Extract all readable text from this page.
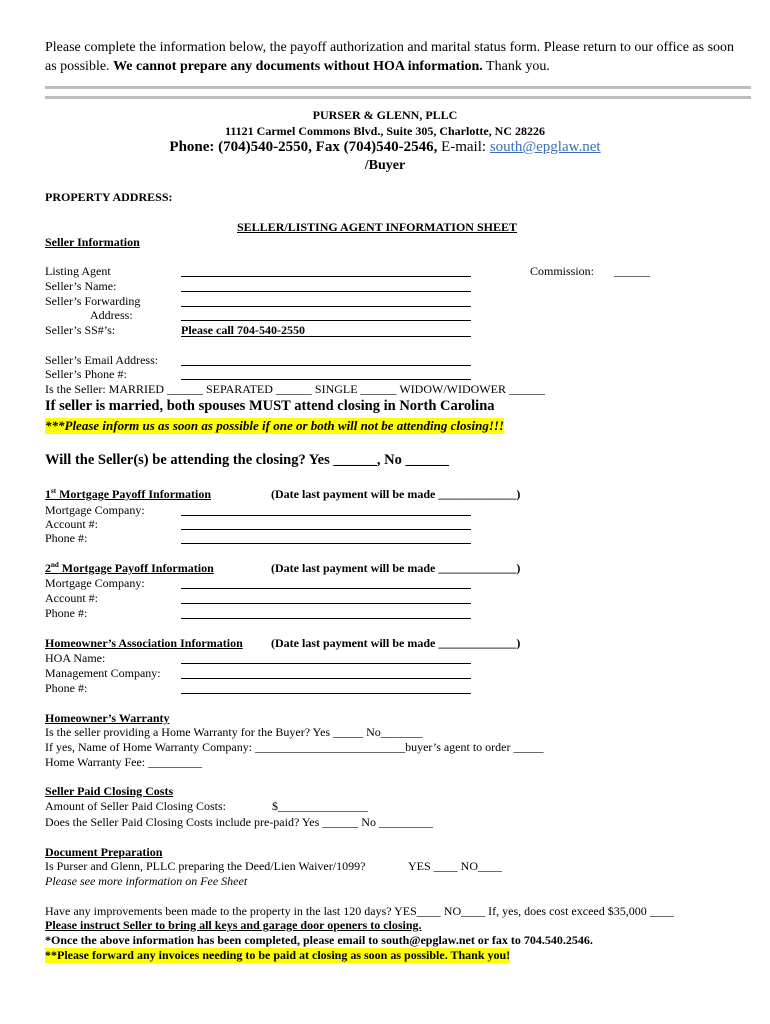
Please complete the information below, the payoff authorization and marital status form. Please return to our office as soon as possible. We cannot prepare any documents without HOA information. Thank you.
PURSER & GLENN, PLLC
11121 Carmel Commons Blvd., Suite 305, Charlotte, NC 28226
Phone: (704)540-2550, Fax (704)540-2546, E-mail: south@epglaw.net
/Buyer
PROPERTY ADDRESS:
SELLER/LISTING AGENT INFORMATION SHEET
Seller Information
Listing Agent	Commission: ______
Seller’s Name:
Seller’s Forwarding
Address:
Seller’s SS#’s:	Please call 704-540-2550
Seller’s Email Address:
Seller’s Phone #:
Is the Seller: MARRIED ______ SEPARATED ______ SINGLE ______ WIDOW/WIDOWER ______
If seller is married, both spouses MUST attend closing in North Carolina
***Please inform us as soon as possible if one or both will not be attending closing!!!
Will the Seller(s) be attending the closing? Yes ______, No ______
1st Mortgage Payoff Information	(Date last payment will be made _____________)
Mortgage Company:
Account #:
Phone #:
2nd Mortgage Payoff Information	(Date last payment will be made _____________)
Mortgage Company:
Account #:
Phone #:
Homeowner’s Association Information (Date last payment will be made _____________)
HOA Name:
Management Company:
Phone #:
Homeowner’s Warranty
Is the seller providing a Home Warranty for the Buyer? Yes _____ No_______
If yes, Name of Home Warranty Company: _________________________buyer’s agent to order _____
Home Warranty Fee: _________
Seller Paid Closing Costs
Amount of Seller Paid Closing Costs:	$_______________
Does the Seller Paid Closing Costs include pre-paid? Yes ______ No _________
Document Preparation
Is Purser and Glenn, PLLC preparing the Deed/Lien Waiver/1099?	YES ____ NO____
Please see more information on Fee Sheet
Have any improvements been made to the property in the last 120 days? YES____ NO____ If, yes, does cost exceed $35,000 ____
Please instruct Seller to bring all keys and garage door openers to closing.
*Once the above information has been completed, please email to south@epglaw.net or fax to 704.540.2546.
**Please forward any invoices needing to be paid at closing as soon as possible. Thank you!
